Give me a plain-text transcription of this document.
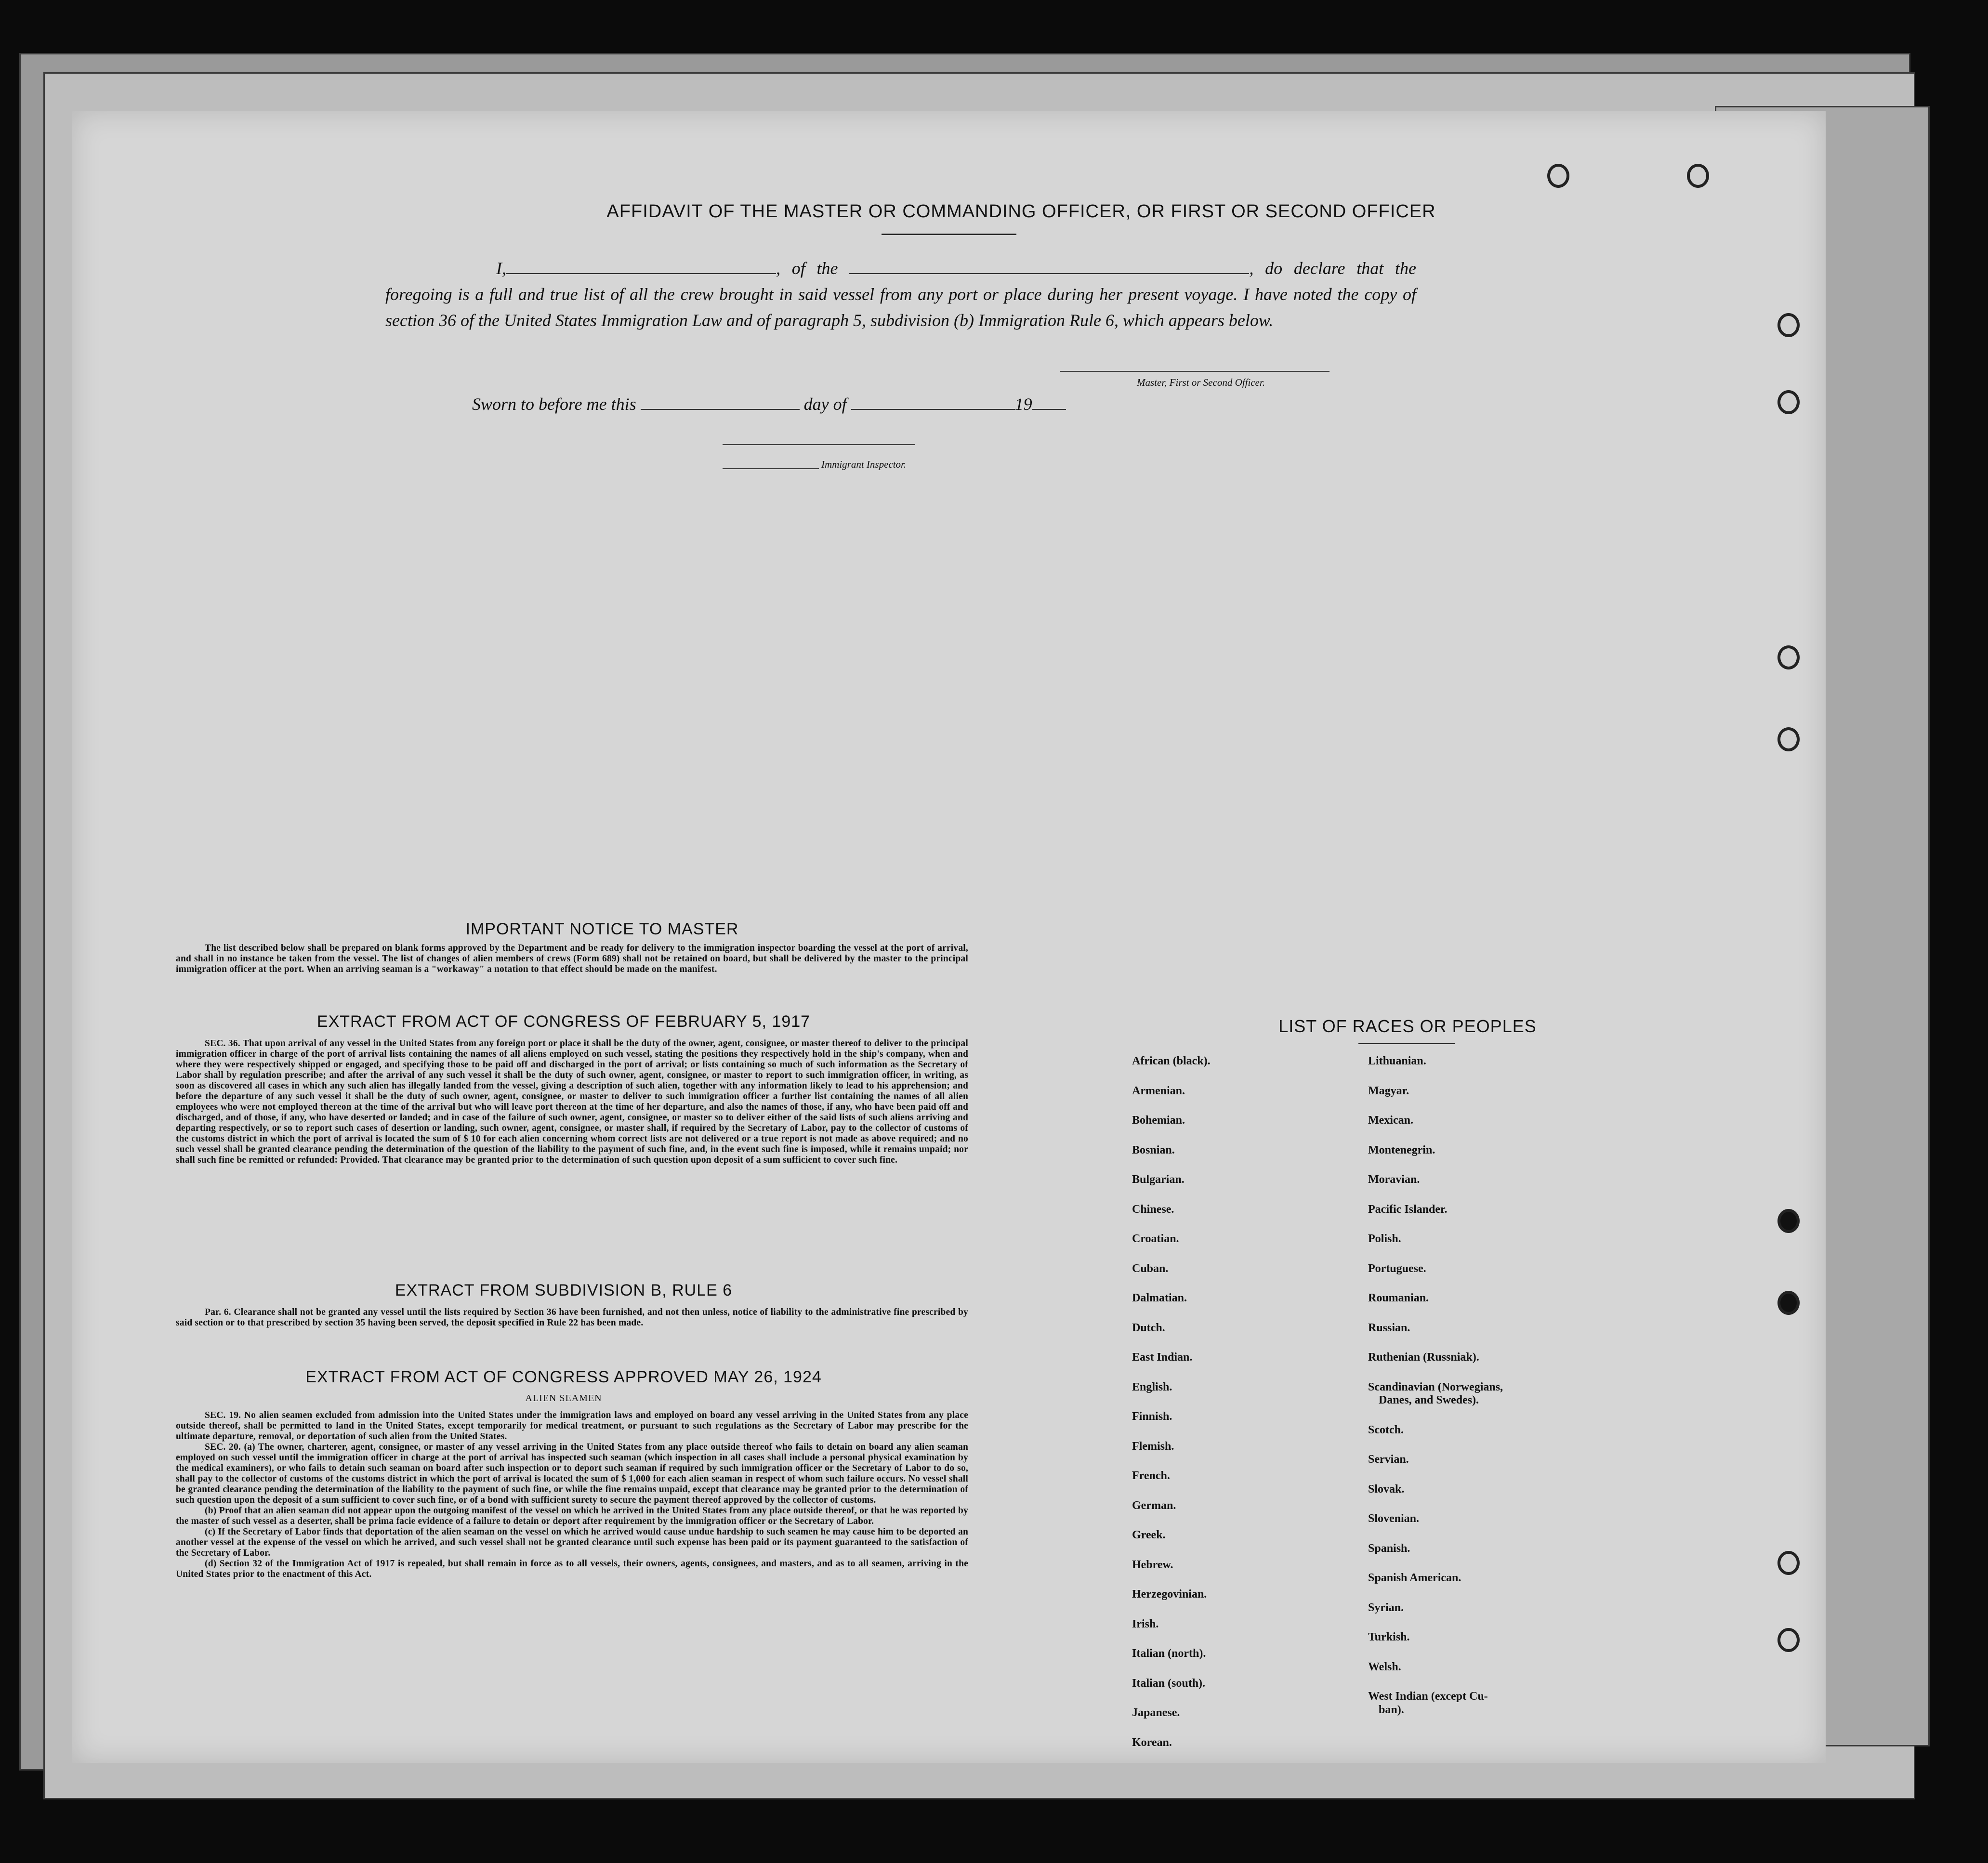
AFFIDAVIT OF THE MASTER OR COMMANDING OFFICER, OR FIRST OR SECOND OFFICER
I,	, of the	, do declare that the foregoing is a full and true list of all the crew brought in said vessel from any port or place during her present voyage. I have noted the copy of section 36 of the United States Immigration Law and of paragraph 5, subdivision (b) Immigration Rule 6, which appears below.
Master, First or Second Officer.
Sworn to before me this	day of	19
Immigrant Inspector.
IMPORTANT NOTICE TO MASTER

The list described below shall be prepared on blank forms approved by the Department and be ready for delivery to the immigration inspector boarding the vessel at the port of arrival, and shall in no instance be taken from the vessel. The list of changes of alien members of crews (Form 689) shall not be retained on board, but shall be delivered by the master to the principal immigration officer at the port. When an arriving seaman is a "workaway" a notation to that effect should be made on the manifest.

EXTRACT FROM ACT OF CONGRESS OF FEBRUARY 5, 1917

SEC. 36. That upon arrival of any vessel in the United States from any foreign port or place it shall be the duty of the owner, agent, consignee, or master thereof to deliver to the principal immigration officer in charge of the port of arrival lists containing the names of all aliens employed on such vessel, stating the positions they respectively hold in the ship's company, when and where they were respectively shipped or engaged, and specifying those to be paid off and discharged in the port of arrival; or lists containing so much of such information as the Secretary of Labor shall by regulation prescribe; and after the arrival of any such vessel it shall be the duty of such owner, agent, consignee, or master to report to such immigration officer, in writing, as soon as discovered all cases in which any such alien has illegally landed from the vessel, giving a description of such alien, together with any information likely to lead to his apprehension; and before the departure of any such vessel it shall be the duty of such owner, agent, consignee, or master to deliver to such immigration officer a further list containing the names of all alien employees who were not employed thereon at the time of the arrival but who will leave port thereon at the time of her departure, and also the names of those, if any, who have been paid off and discharged, and of those, if any, who have deserted or landed; and in case of the failure of such owner, agent, consignee, or master so to deliver either of the said lists of such aliens arriving and departing respectively, or so to report such cases of desertion or landing, such owner, agent, consignee, or master shall, if required by the Secretary of Labor, pay to the collector of customs of the customs district in which the port of arrival is located the sum of $ 10 for each alien concerning whom correct lists are not delivered or a true report is not made as above required; and no such vessel shall be granted clearance pending the determination of the question of the liability to the payment of such fine, and, in the event such fine is imposed, while it remains unpaid; nor shall such fine be remitted or refunded: Provided. That clearance may be granted prior to the determination of such question upon deposit of a sum sufficient to cover such fine.

EXTRACT FROM SUBDIVISION B, RULE 6

Par. 6. Clearance shall not be granted any vessel until the lists required by Section 36 have been furnished, and not then unless, notice of liability to the administrative fine prescribed by said section or to that prescribed by section 35 having been served, the deposit specified in Rule 22 has been made.

EXTRACT FROM ACT OF CONGRESS APPROVED MAY 26, 1924
ALIEN SEAMEN

SEC. 19. No alien seamen excluded from admission into the United States under the immigration laws and employed on board any vessel arriving in the United States from any place outside thereof, shall be permitted to land in the United States, except temporarily for medical treatment, or pursuant to such regulations as the Secretary of Labor may prescribe for the ultimate departure, removal, or deportation of such alien from the United States.

SEC. 20. (a) The owner, charterer, agent, consignee, or master of any vessel arriving in the United States from any place outside thereof who fails to detain on board any alien seaman employed on such vessel until the immigration officer in charge at the port of arrival has inspected such seaman (which inspection in all cases shall include a personal physical examination by the medical examiners), or who fails to detain such seaman on board after such inspection or to deport such seaman if required by such immigration officer or the Secretary of Labor to do so, shall pay to the collector of customs of the customs district in which the port of arrival is located the sum of $ 1,000 for each alien seaman in respect of whom such failure occurs. No vessel shall be granted clearance pending the determination of the liability to the payment of such fine, or while the fine remains unpaid, except that clearance may be granted prior to the determination of such question upon the deposit of a sum sufficient to cover such fine, or of a bond with sufficient surety to secure the payment thereof approved by the collector of customs.

(b) Proof that an alien seaman did not appear upon the outgoing manifest of the vessel on which he arrived in the United States from any place outside thereof, or that he was reported by the master of such vessel as a deserter, shall be prima facie evidence of a failure to detain or deport after requirement by the immigration officer or the Secretary of Labor.

(c) If the Secretary of Labor finds that deportation of the alien seaman on the vessel on which he arrived would cause undue hardship to such seamen he may cause him to be deported an another vessel at the expense of the vessel on which he arrived, and such vessel shall not be granted clearance until such expense has been paid or its payment guaranteed to the satisfaction of the Secretary of Labor.

(d) Section 32 of the Immigration Act of 1917 is repealed, but shall remain in force as to all vessels, their owners, agents, consignees, and masters, and as to all seamen, arriving in the United States prior to the enactment of this Act.

LIST OF RACES OR PEOPLES
African (black).
Armenian.
Bohemian.
Bosnian.
Bulgarian.
Chinese.
Croatian.
Cuban.
Dalmatian.
Dutch.
East Indian.
English.
Finnish.
Flemish.
French.
German.
Greek.
Hebrew.
Herzegovinian.
Irish.
Italian (north).
Italian (south).
Japanese.
Korean.
Lithuanian.
Magyar.
Mexican.
Montenegrin.
Moravian.
Pacific Islander.
Polish.
Portuguese.
Roumanian.
Russian.
Ruthenian (Russniak).
Scandinavian (Norwegians,
Danes, and Swedes).
Scotch.
Servian.
Slovak.
Slovenian.
Spanish.
Spanish American.
Syrian.
Turkish.
Welsh.
West Indian (except Cu-
ban).
